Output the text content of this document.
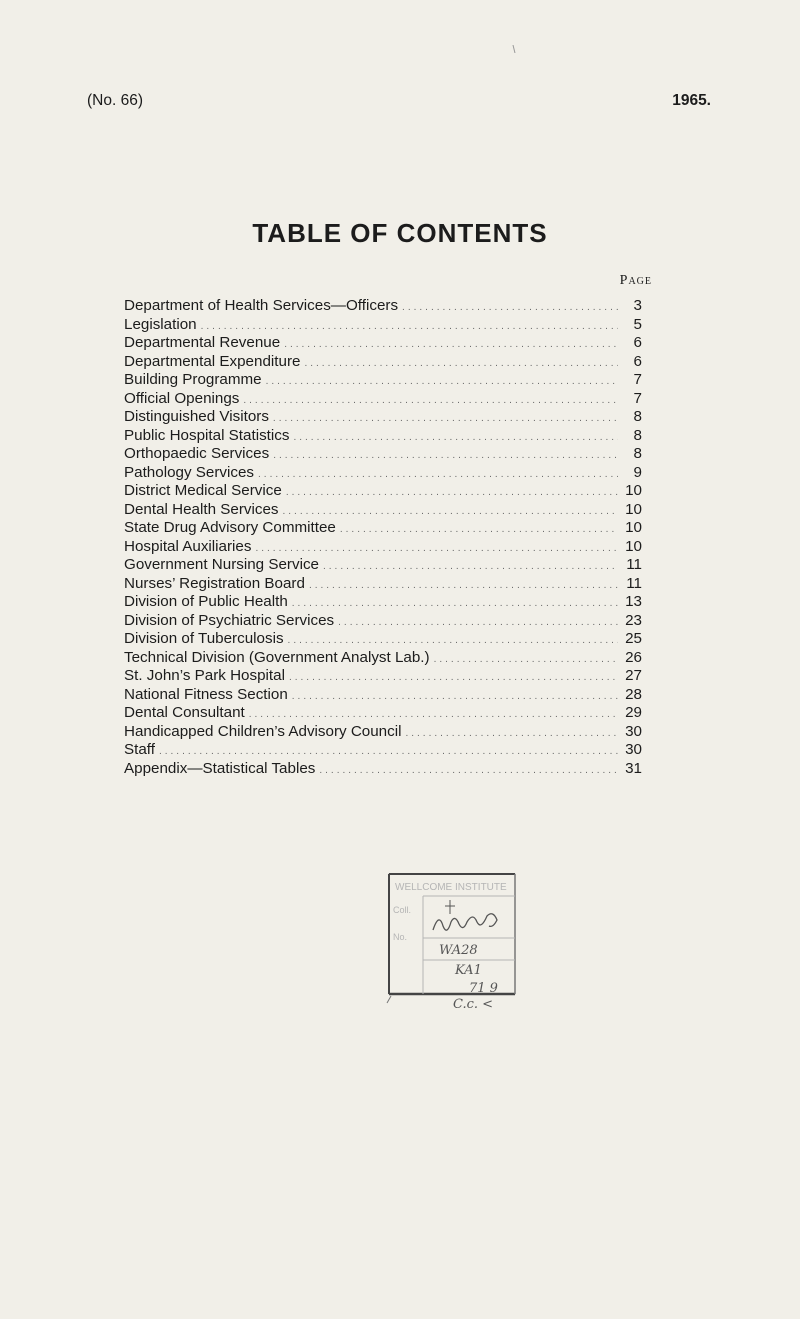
(No. 66)	1965.
TABLE OF CONTENTS
Page
Department of Health Services—Officers .....	3
Legislation .....	5
Departmental Revenue .....	6
Departmental Expenditure .....	6
Building Programme .....	7
Official Openings .....	7
Distinguished Visitors .....	8
Public Hospital Statistics .....	8
Orthopaedic Services .....	8
Pathology Services .....	9
District Medical Service .....	10
Dental Health Services .....	10
State Drug Advisory Committee .....	10
Hospital Auxiliaries .....	10
Government Nursing Service .....	11
Nurses’ Registration Board .....	11
Division of Public Health .....	13
Division of Psychiatric Services .....	23
Division of Tuberculosis .....	25
Technical Division (Government Analyst Lab.) .....	26
St. John’s Park Hospital .....	27
National Fitness Section .....	28
Dental Consultant .....	29
Handicapped Children’s Advisory Council .....	30
Staff .....	30
Appendix—Statistical Tables .....	31
WELLCOME INSTITUTE
Coll.
No.
WA28
KA1
71 9
C.c. <
